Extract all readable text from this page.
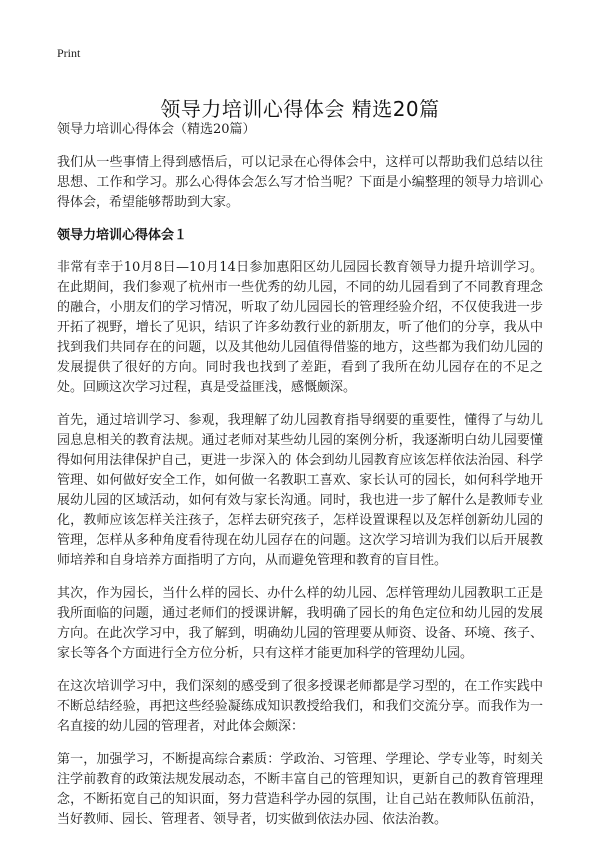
Print
领导力培训心得体会 精选20篇

领导力培训心得体会（精选20篇）

我们从一些事情上得到感悟后，可以记录在心得体会中，这样可以帮助我们总结以往思想、工作和学习。那么心得体会怎么写才恰当呢？下面是小编整理的领导力培训心得体会，希望能够帮助到大家。

领导力培训心得体会１

非常有幸于10月8日—10月14日参加惠阳区幼儿园园长教育领导力提升培训学习。在此期间，我们参观了杭州市一些优秀的幼儿园，不同的幼儿园看到了不同教育理念的融合，小朋友们的学习情况，听取了幼儿园园长的管理经验介绍，不仅使我进一步开拓了视野，增长了见识，结识了许多幼教行业的新朋友，听了他们的分享，我从中找到我们共同存在的问题，以及其他幼儿园值得借鉴的地方，这些都为我们幼儿园的发展提供了很好的方向。同时我也找到了差距，看到了我所在幼儿园存在的不足之处。回顾这次学习过程，真是受益匪浅，感慨颇深。

首先，通过培训学习、参观，我理解了幼儿园教育指导纲要的重要性，懂得了与幼儿园息息相关的教育法规。通过老师对某些幼儿园的案例分析，我逐渐明白幼儿园要懂得如何用法律保护自己，更进一步深入的 体会到幼儿园教育应该怎样依法治园、科学管理、如何做好安全工作，如何做一名教职工喜欢、家长认可的园长，如何科学地开展幼儿园的区域活动，如何有效与家长沟通。同时，我也进一步了解什么是教师专业化，教师应该怎样关注孩子，怎样去研究孩子，怎样设置课程以及怎样创新幼儿园的管理，怎样从多种角度看待现在幼儿园存在的问题。这次学习培训为我们以后开展教师培养和自身培养方面指明了方向，从而避免管理和教育的盲目性。

其次，作为园长，当什么样的园长、办什么样的幼儿园、怎样管理幼儿园教职工正是我所面临的问题，通过老师们的授课讲解，我明确了园长的角色定位和幼儿园的发展方向。在此次学习中，我了解到，明确幼儿园的管理要从师资、设备、环境、孩子、家长等各个方面进行全方位分析，只有这样才能更加科学的管理幼儿园。

在这次培训学习中，我们深刻的感受到了很多授课老师都是学习型的，在工作实践中不断总结经验，再把这些经验凝练成知识教授给我们，和我们交流分享。而我作为一名直接的幼儿园的管理者，对此体会颇深：

第一，加强学习，不断提高综合素质：学政治、习管理、学理论、学专业等，时刻关注学前教育的政策法规发展动态，不断丰富自己的管理知识，更新自己的教育管理理念，不断拓宽自己的知识面，努力营造科学办园的氛围，让自己站在教师队伍前沿，当好教师、园长、管理者、领导者，切实做到依法办园、依法治教。
